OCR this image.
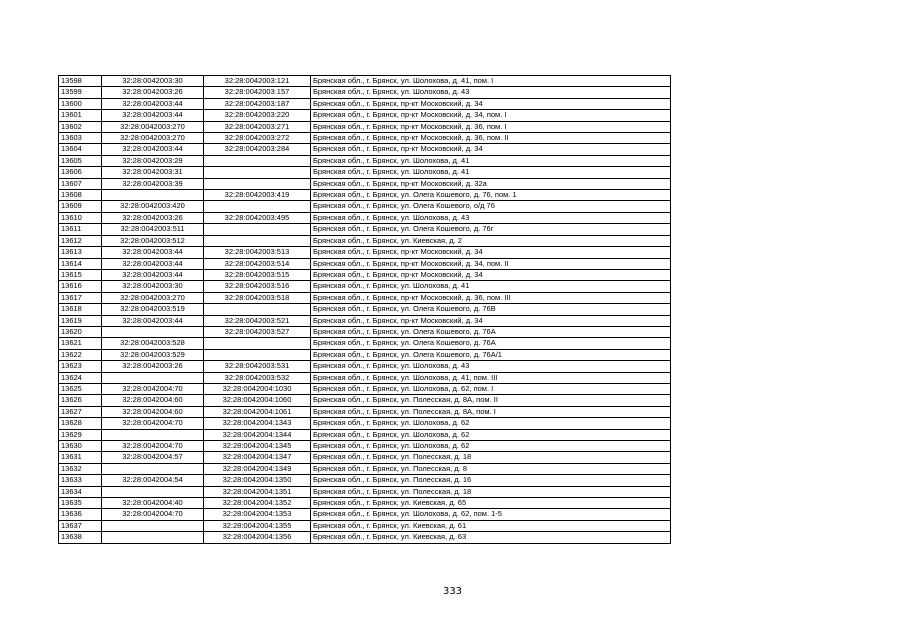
13598	32:28:0042003:30	32:28:0042003:121	Брянская обл., г. Брянск, ул. Шолохова, д. 41, пом. I
13599	32:28:0042003:26	32:28:0042003:157	Брянская обл., г. Брянск, ул. Шолохова, д. 43
13600	32:28:0042003:44	32:28:0042003:187	Брянская обл., г. Брянск, пр-кт Московский, д. 34
13601	32:28:0042003:44	32:28:0042003:220	Брянская обл., г. Брянск, пр-кт Московский, д. 34, пом. I
13602	32:28:0042003:270	32:28:0042003:271	Брянская обл., г. Брянск, пр-кт Московский, д. 36, пом. I
13603	32:28:0042003:270	32:28:0042003:272	Брянская обл., г. Брянск, пр-кт Московский, д. 36, пом. II
13604	32:28:0042003:44	32:28:0042003:284	Брянская обл., г. Брянск, пр-кт Московский, д. 34
13605	32:28:0042003:29		Брянская обл., г. Брянск, ул. Шолохова, д. 41
13606	32:28:0042003:31		Брянская обл., г. Брянск, ул. Шолохова, д. 41
13607	32:28:0042003:39		Брянская обл., г. Брянск, пр-кт Московский, д. 32а
13608		32:28:0042003:419	Брянская обл., г. Брянск, ул. Олега Кошевого, д. 76, пом. 1
13609	32:28:0042003:420		Брянская обл., г. Брянск, ул. Олега Кошевого, о/д 76
13610	32:28:0042003:26	32:28:0042003:495	Брянская обл., г. Брянск, ул. Шолохова, д. 43
13611	32:28:0042003:511		Брянская обл., г. Брянск, ул. Олега Кошевого, д. 76г
13612	32:28:0042003:512		Брянская обл., г. Брянск, ул. Киевская, д. 2
13613	32:28:0042003:44	32:28:0042003:513	Брянская обл., г. Брянск, пр-кт Московский, д. 34
13614	32:28:0042003:44	32:28:0042003:514	Брянская обл., г. Брянск, пр-кт Московский, д. 34, пом. II
13615	32:28:0042003:44	32:28:0042003:515	Брянская обл., г. Брянск, пр-кт Московский, д. 34
13616	32:28:0042003:30	32:28:0042003:516	Брянская обл., г. Брянск, ул. Шолохова, д. 41
13617	32:28:0042003:270	32:28:0042003:518	Брянская обл., г. Брянск, пр-кт Московский, д. 36, пом. III
13618	32:28:0042003:519		Брянская обл., г. Брянск, ул. Олега Кошевого, д. 76В
13619	32:28:0042003:44	32:28:0042003:521	Брянская обл., г. Брянск, пр-кт Московский, д. 34
13620		32:28:0042003:527	Брянская обл., г. Брянск, ул. Олега Кошевого, д. 76А
13621	32:28:0042003:528		Брянская обл., г. Брянск, ул. Олега Кошевого, д. 76А
13622	32:28:0042003:529		Брянская обл., г. Брянск, ул. Олега Кошевого, д. 76А/1
13623	32:28:0042003:26	32:28:0042003:531	Брянская обл., г. Брянск, ул. Шолохова, д. 43
13624		32:28:0042003:532	Брянская обл., г. Брянск, ул. Шолохова, д. 41, пом. III
13625	32:28:0042004:70	32:28:0042004:1030	Брянская обл., г. Брянск, ул. Шолохова, д. 62, пом. I
13626	32:28:0042004:60	32:28:0042004:1060	Брянская обл., г. Брянск, ул. Полесская, д. 8А, пом. II
13627	32:28:0042004:60	32:28:0042004:1061	Брянская обл., г. Брянск, ул. Полесская, д. 8А, пом. I
13628	32:28:0042004:70	32:28:0042004:1343	Брянская обл., г. Брянск, ул. Шолохова, д. 62
13629		32:28:0042004:1344	Брянская обл., г. Брянск, ул. Шолохова, д. 62
13630	32:28:0042004:70	32:28:0042004:1345	Брянская обл., г. Брянск, ул. Шолохова, д. 62
13631	32:28:0042004:57	32:28:0042004:1347	Брянская обл., г. Брянск, ул. Полесская, д. 18
13632		32:28:0042004:1349	Брянская обл., г. Брянск, ул. Полесская, д. 8
13633	32:28:0042004:54	32:28:0042004:1350	Брянская обл., г. Брянск, ул. Полесская, д. 16
13634		32:28:0042004:1351	Брянская обл., г. Брянск, ул. Полесская, д. 18
13635	32:28:0042004:40	32:28:0042004:1352	Брянская обл., г. Брянск, ул. Киевская, д. 65
13636	32:28:0042004:70	32:28:0042004:1353	Брянская обл., г. Брянск, ул. Шолохова, д. 62, пом. 1-5
13637		32:28:0042004:1355	Брянская обл., г. Брянск, ул. Киевская, д. 61
13638		32:28:0042004:1356	Брянская обл., г. Брянск, ул. Киевская, д. 63
333
